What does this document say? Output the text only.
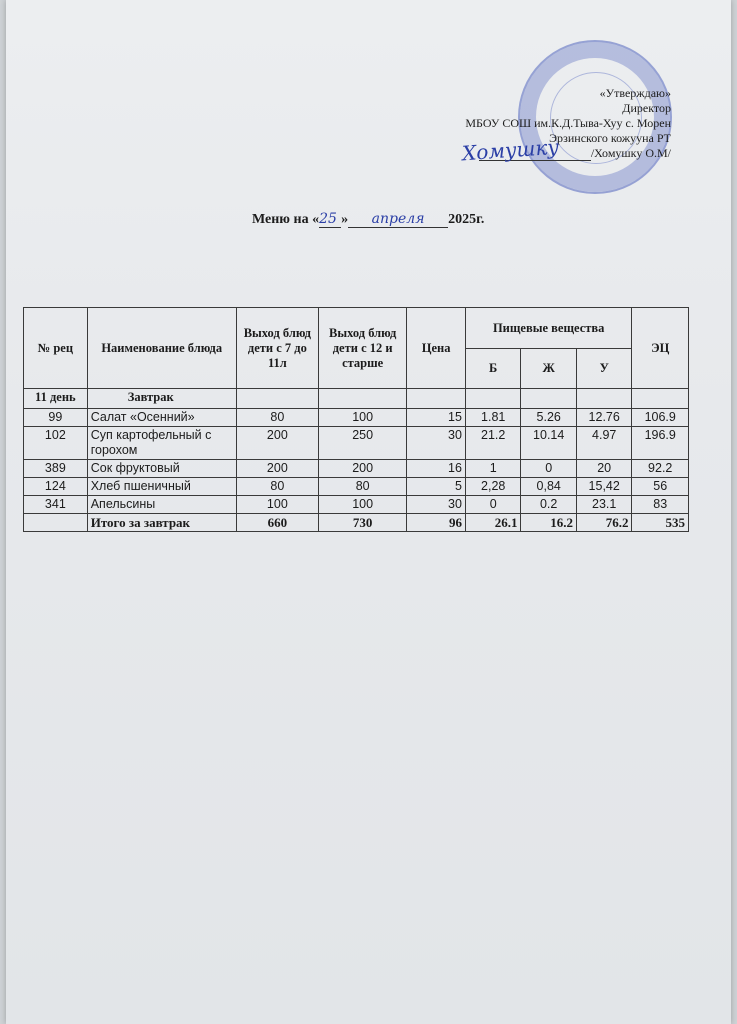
«Утверждаю»
Директор
МБОУ СОШ им.К.Д.Тыва-Хуу с. Морен
Эрзинского кожууна РТ
/Хомушку О.М/
Хомушку
Меню на «25 » апреля 2025г.
№ рец	Наименование блюда	Выход блюд дети с 7 до 11л	Выход блюд дети с 12 и старше	Цена	Пищевые вещества			ЭЦ
					Б	Ж	У	
11 день	Завтрак							
99	Салат «Осенний»	80	100	15	1.81	5.26	12.76	106.9
102	Суп картофельный с горохом	200	250	30	21.2	10.14	4.97	196.9
389	Сок фруктовый	200	200	16	1	0	20	92.2
124	Хлеб пшеничный	80	80	5	2,28	0,84	15,42	56
341	Апельсины	100	100	30	0	0.2	23.1	83
	Итого за завтрак	660	730	96	26.1	16.2	76.2	535
